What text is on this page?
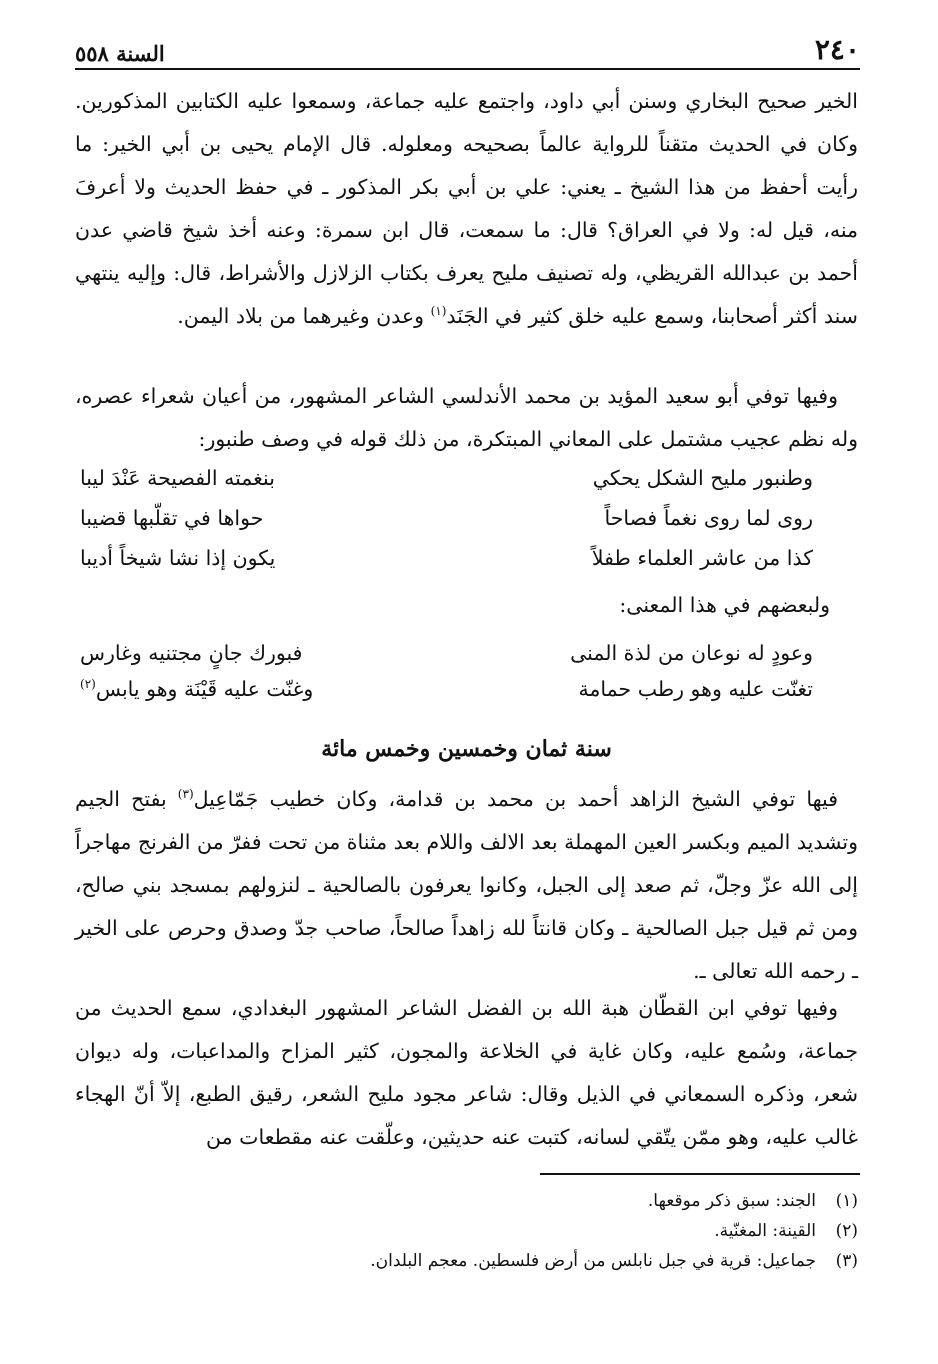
٢٤٠
السنة ٥٥٨

الخير صحيح البخاري وسنن أبي داود، واجتمع عليه جماعة، وسمعوا عليه الكتابين المذكورين. وكان في الحديث متقناً للرواية عالماً بصحيحه ومعلوله. قال الإمام يحيى بن أبي الخير: ما رأيت أحفظ من هذا الشيخ ـ يعني: علي بن أبي بكر المذكور ـ في حفظ الحديث ولا أعرفَ منه، قيل له: ولا في العراق؟ قال: ما سمعت، قال ابن سمرة: وعنه أخذ شيخ قاضي عدن أحمد بن عبدالله القريظي، وله تصنيف مليح يعرف بكتاب الزلازل والأشراط، قال: وإليه ينتهي سند أكثر أصحابنا، وسمع عليه خلق كثير في الجَنَد$^{(١)}$ وعدن وغيرهما من بلاد اليمن.

وفيها توفي أبو سعيد المؤيد بن محمد الأندلسي الشاعر المشهور، من أعيان شعراء عصره، وله نظم عجيب مشتمل على المعاني المبتكرة، من ذلك قوله في وصف طنبور:

وطنبور مليح الشكل يحكي
بنغمته الفصيحة عَنْدَ ليبا
روى لما روى نغماً فصاحاً
حواها في تقلّبها قضيبا
كذا من عاشر العلماء طفلاً
يكون إذا نشا شيخاً أديبا
ولبعضهم في هذا المعنى:
وعودٍ له نوعان من لذة المنى
فبورك جانٍ مجتنيه وغارس
تغنّت عليه وهو رطب حمامة
وغنّت عليه قَيْنَة وهو يابس$^{(٢)}$
سنة ثمان وخمسين وخمس مائة

فيها توفي الشيخ الزاهد أحمد بن محمد بن قدامة، وكان خطيب جَمّاعِيل$^{(٣)}$ بفتح الجيم وتشديد الميم وبكسر العين المهملة بعد الالف واللام بعد مثناة من تحت ففرّ من الفرنج مهاجراً إلى الله عزّ وجلّ، ثم صعد إلى الجبل، وكانوا يعرفون بالصالحية ـ لنزولهم بمسجد بني صالح، ومن ثم قيل جبل الصالحية ـ وكان قانتاً لله زاهداً صالحاً، صاحب جدّ وصدق وحرص على الخير ـ رحمه الله تعالى ـ.

وفيها توفي ابن القطّان هبة الله بن الفضل الشاعر المشهور البغدادي، سمع الحديث من جماعة، وسُمع عليه، وكان غاية في الخلاعة والمجون، كثير المزاح والمداعبات، وله ديوان شعر، وذكره السمعاني في الذيل وقال: شاعر مجود مليح الشعر، رقيق الطبع، إلاّ أنّ الهجاء غالب عليه، وهو ممّن يتّقي لسانه، كتبت عنه حديثين، وعلّقت عنه مقطعات من

(١)
الجند: سبق ذكر موقعها.
(٢)
القينة: المغنّية.
(٣)
جماعيل: قرية في جبل نابلس من أرض فلسطين. معجم البلدان.
